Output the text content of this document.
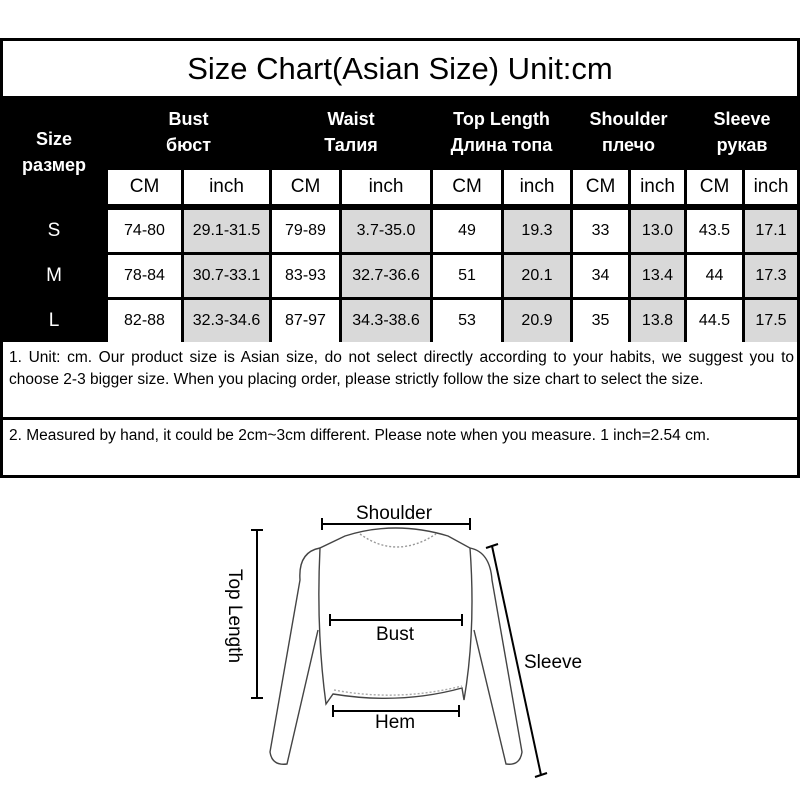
Size Chart(Asian Size) Unit:cm
Size
размер
1. Unit: cm. Our product size is Asian size, do not select directly according to your habits, we suggest you to choose 2-3 bigger size. When you placing order, please strictly follow the size chart to select the size.
2. Measured by hand, it could be 2cm~3cm different. Please note when you measure. 1 inch=2.54 cm.
Bust
бюст
CM	inch
Waist
Талия
CM	inch
Top Length
Длина топа
CM	inch
Shoulder
плечо
CM	inch
Sleeve
рукав
CM	inch
S	74-80	29.1-31.5	79-89	3.7-35.0	49	19.3	33	13.0	43.5	17.1
M	78-84	30.7-33.1	83-93	32.7-36.6	51	20.1	34	13.4	44	17.3
L	82-88	32.3-34.6	87-97	34.3-38.6	53	20.9	35	13.8	44.5	17.5
Shoulder
Top Length	Bust
Sleeve
Hem
